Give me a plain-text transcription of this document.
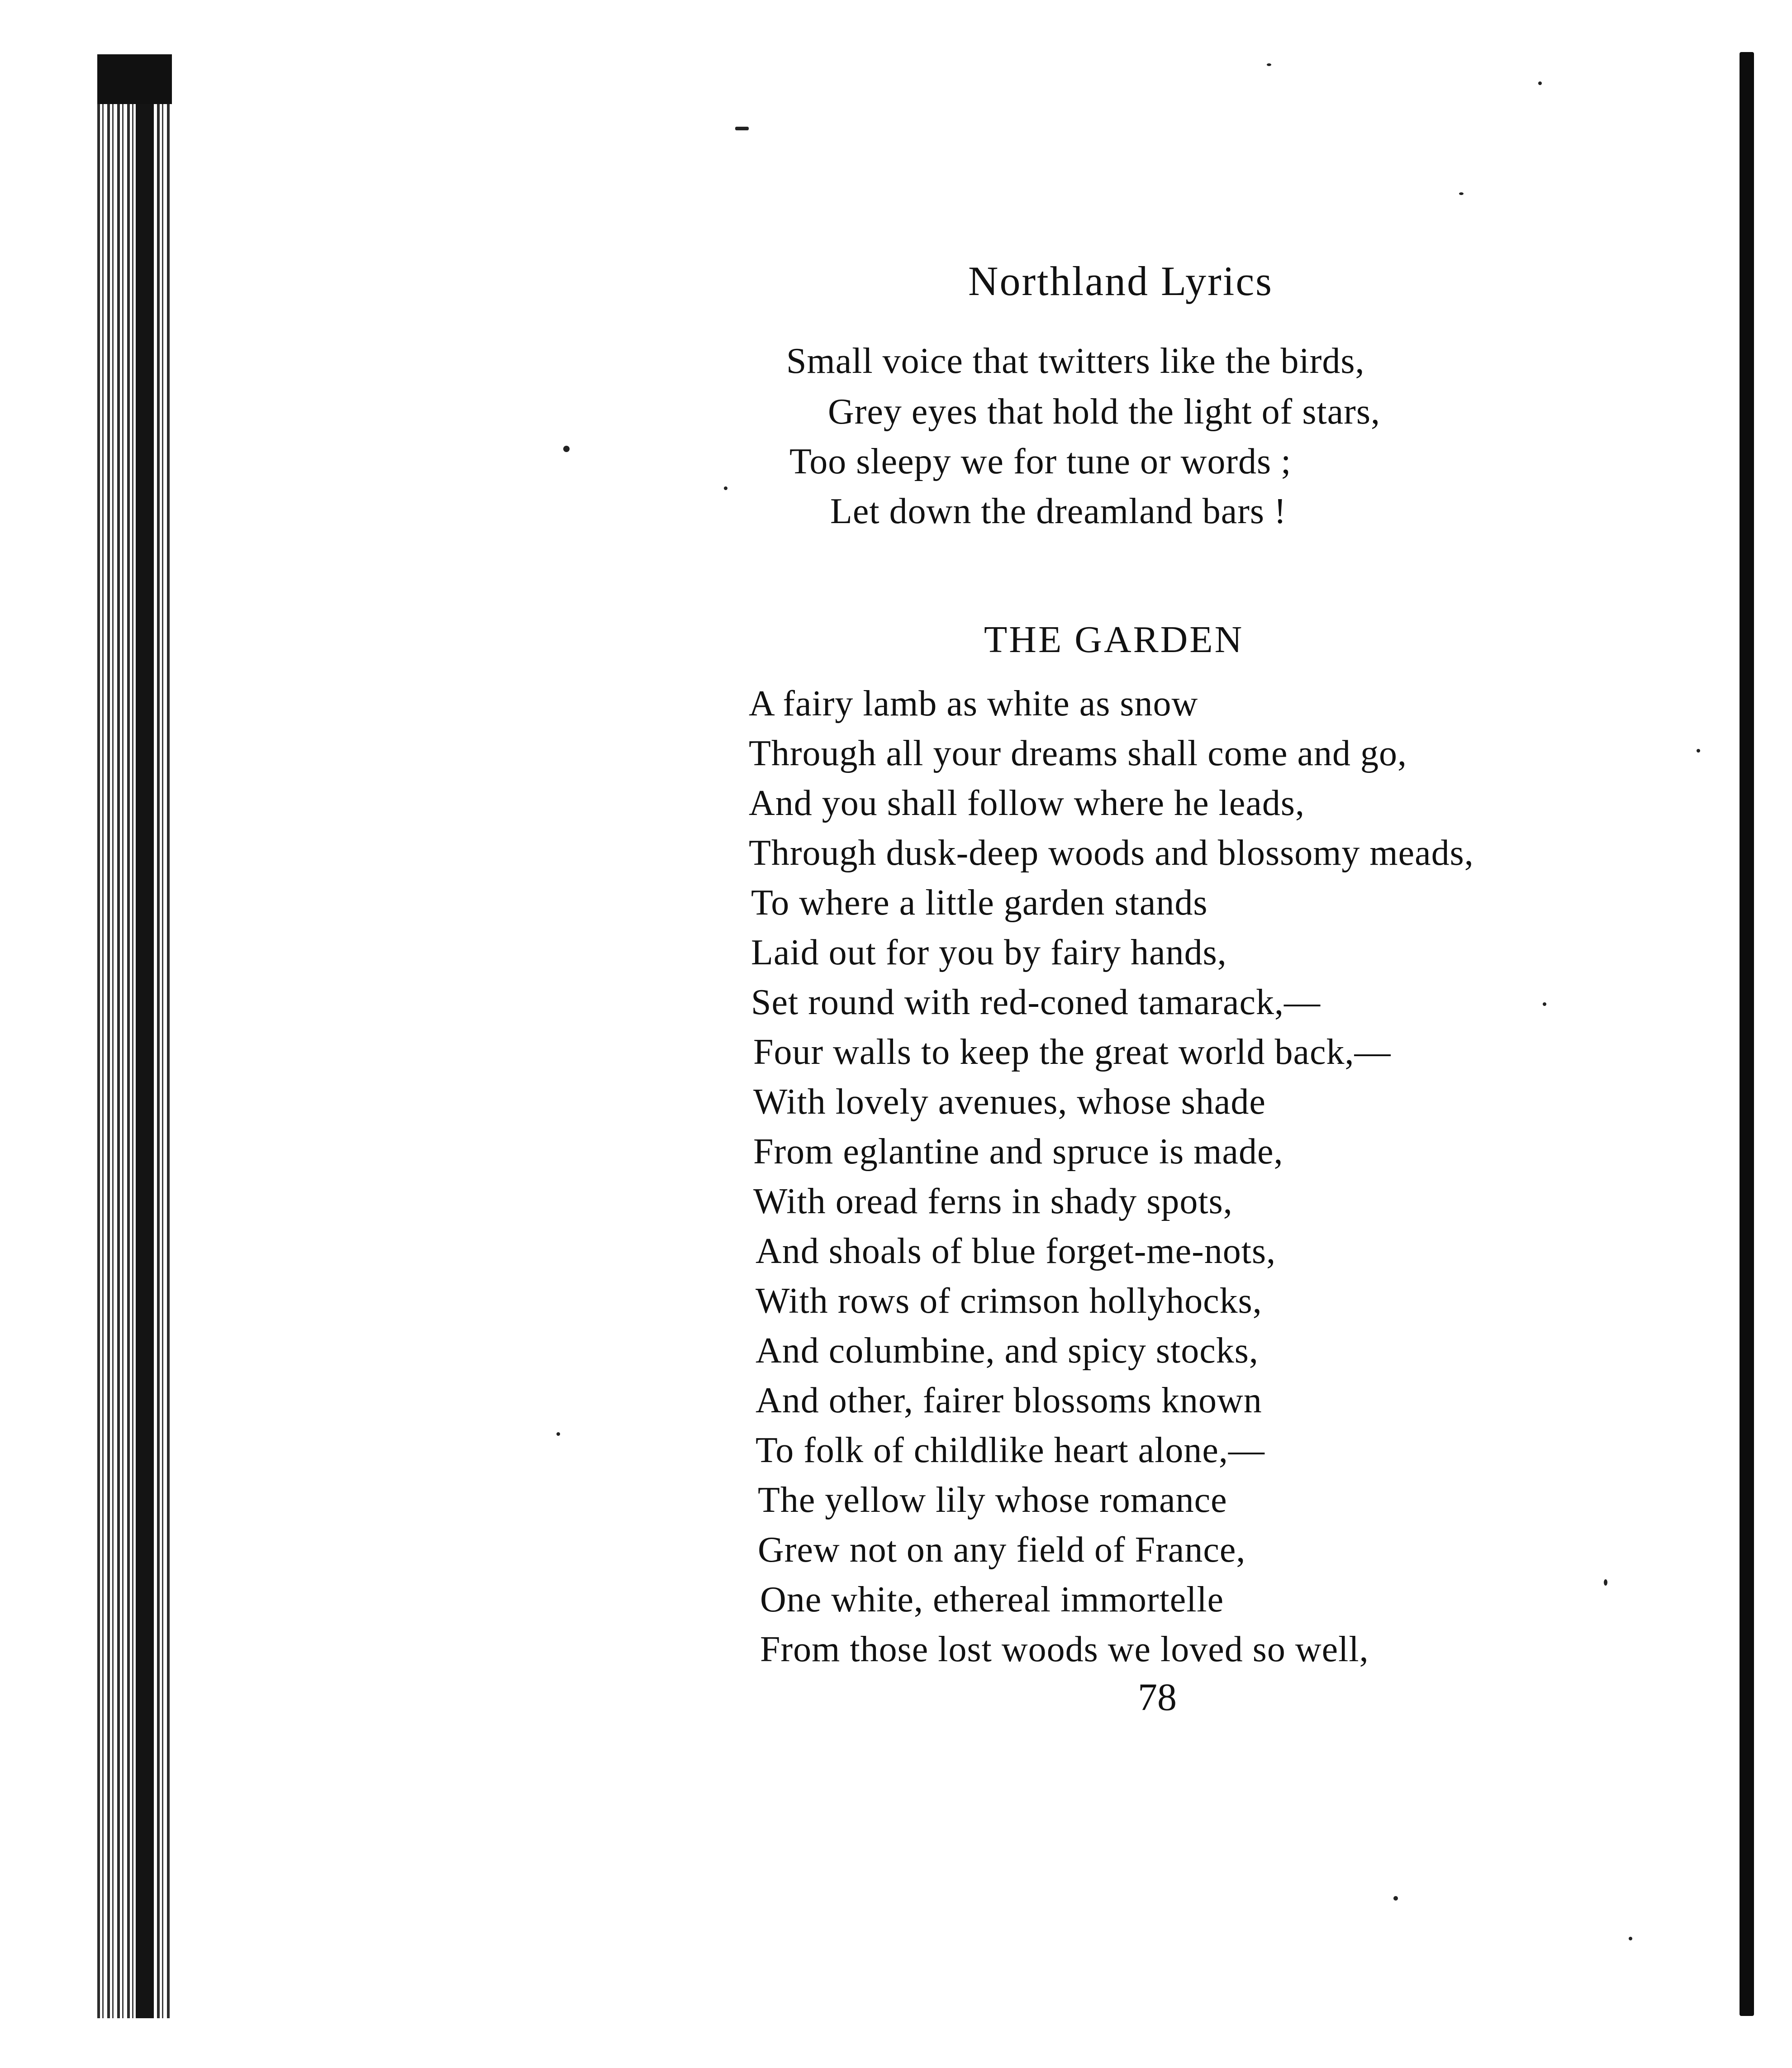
Northland Lyrics
Small voice that twitters like the birds,
Grey eyes that hold the light of stars,
Too sleepy we for tune or words ;
Let down the dreamland bars !
THE GARDEN
A fairy lamb as white as snow
Through all your dreams shall come and go,
And you shall follow where he leads,
Through dusk-deep woods and blossomy meads,
To where a little garden stands
Laid out for you by fairy hands,
Set round with red-coned tamarack,—
Four walls to keep the great world back,—
With lovely avenues, whose shade
From eglantine and spruce is made,
With oread ferns in shady spots,
And shoals of blue forget-me-nots,
With rows of crimson hollyhocks,
And columbine, and spicy stocks,
And other, fairer blossoms known
To folk of childlike heart alone,—
The yellow lily whose romance
Grew not on any field of France,
One white, ethereal immortelle
From those lost woods we loved so well,
78
